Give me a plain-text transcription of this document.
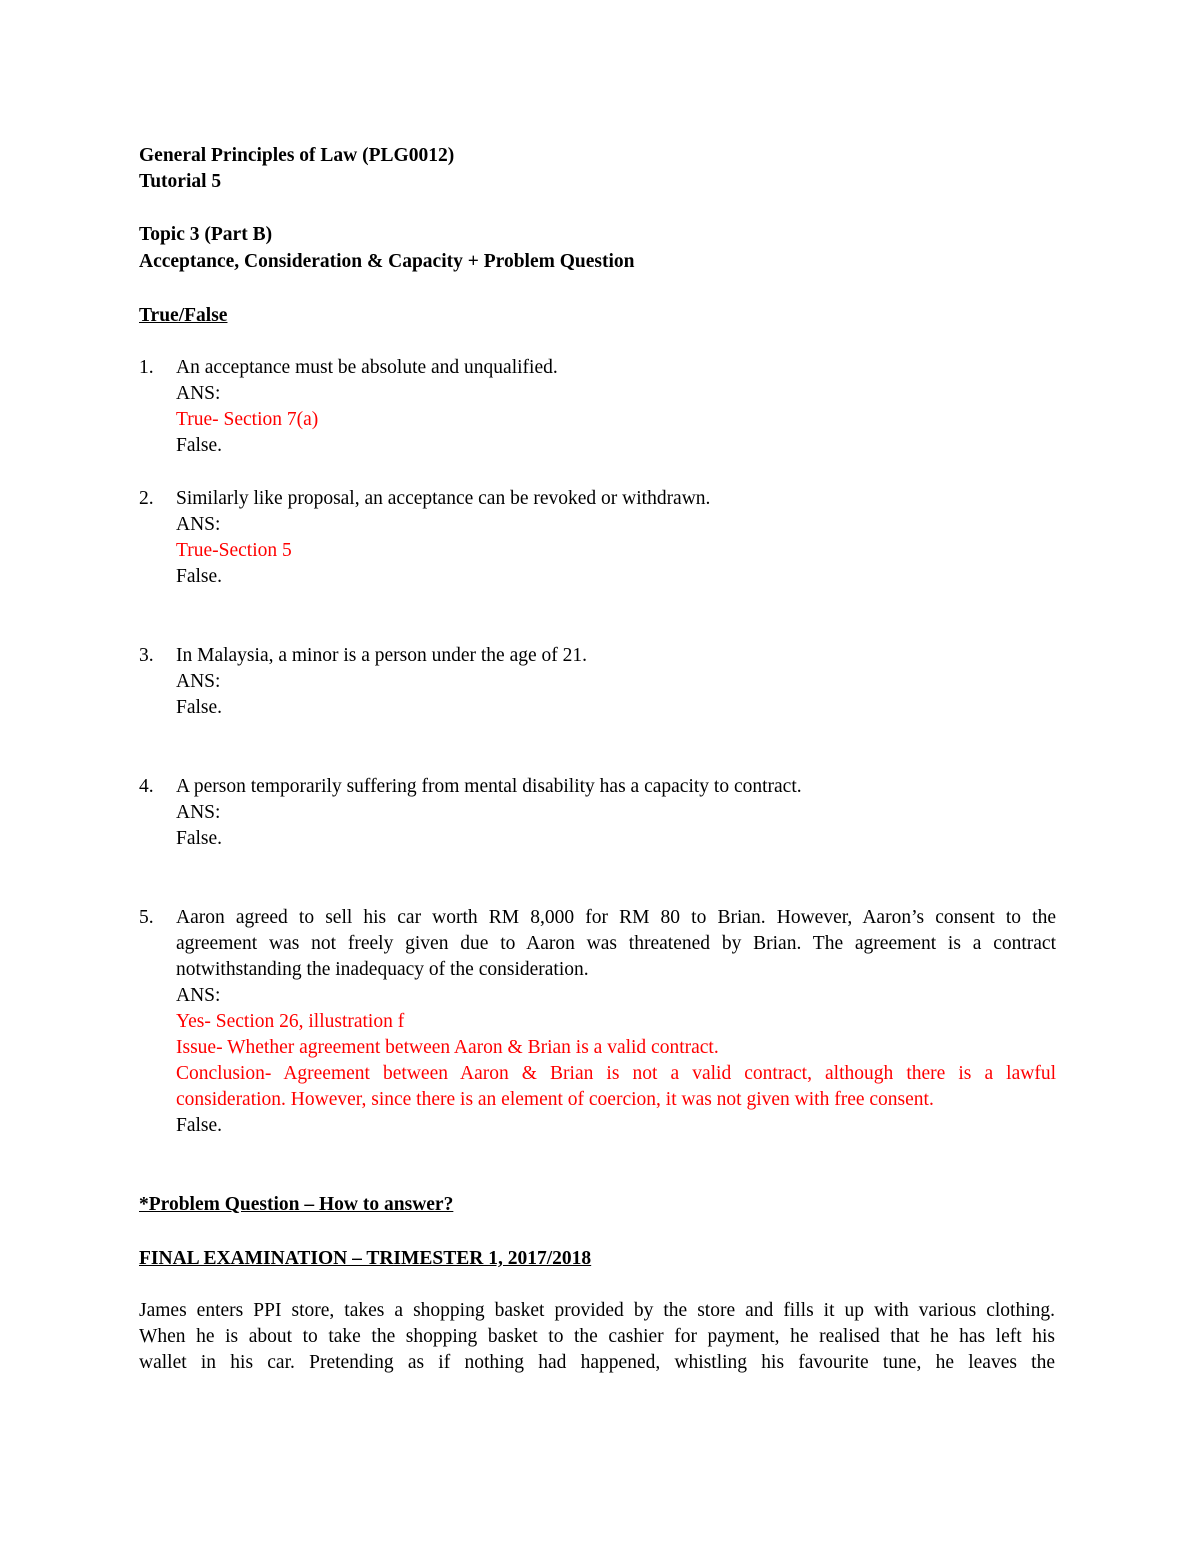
General Principles of Law (PLG0012)
Tutorial 5
Topic 3 (Part B)
Acceptance, Consideration & Capacity + Problem Question
True/False
1.	An acceptance must be absolute and unqualified.
ANS:
True- Section 7(a)
False.
2.	Similarly like proposal, an acceptance can be revoked or withdrawn.
ANS:
True-Section 5
False.
3.	In Malaysia, a minor is a person under the age of 21.
ANS:
False.
4.	A person temporarily suffering from mental disability has a capacity to contract.
ANS:
False.
5.	Aaron agreed to sell his car worth RM 8,000 for RM 80 to Brian. However, Aaron’s consent to the
agreement was not freely given due to Aaron was threatened by Brian. The agreement is a contract
notwithstanding the inadequacy of the consideration.
ANS:
Yes- Section 26, illustration f
Issue- Whether agreement between Aaron & Brian is a valid contract.
Conclusion- Agreement between Aaron & Brian is not a valid contract, although there is a lawful
consideration. However, since there is an element of coercion, it was not given with free consent.
False.
*Problem Question – How to answer?
FINAL EXAMINATION – TRIMESTER 1, 2017/2018
James enters PPI store, takes a shopping basket provided by the store and fills it up with various clothing.
When he is about to take the shopping basket to the cashier for payment, he realised that he has left his
wallet in his car. Pretending as if nothing had happened, whistling his favourite tune, he leaves the
